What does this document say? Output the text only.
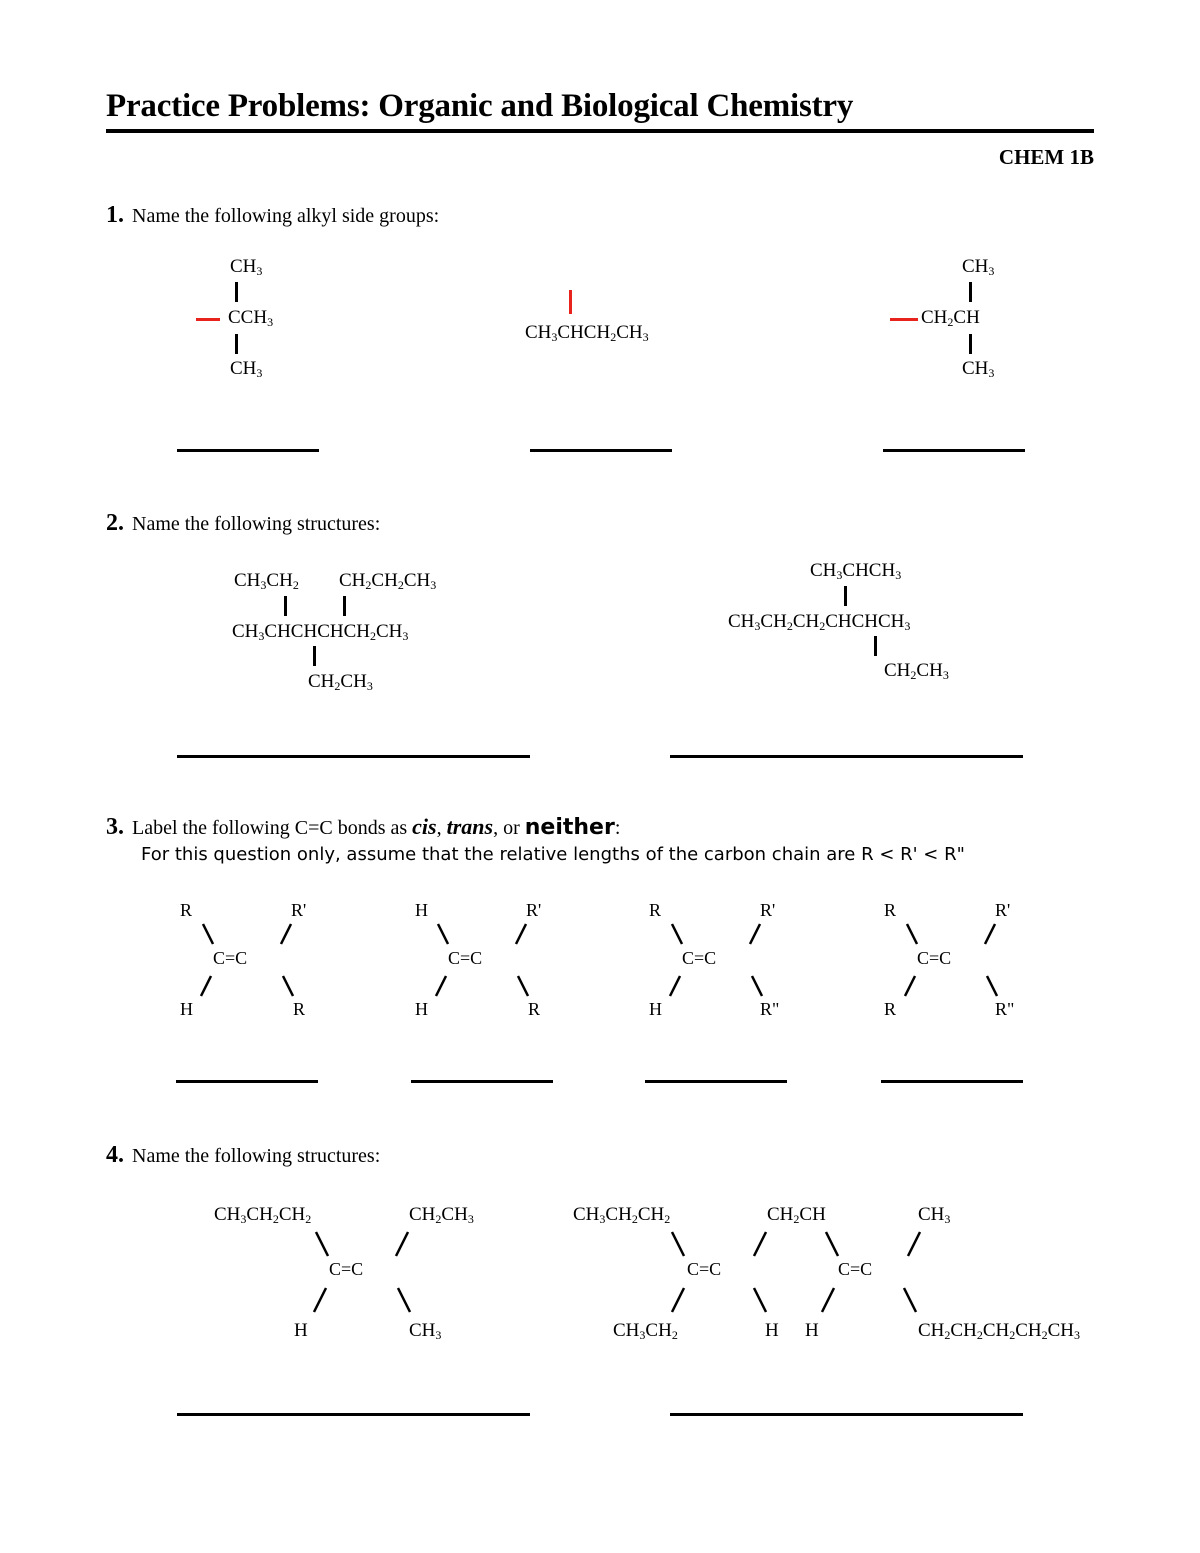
Practice Problems: Organic and Biological Chemistry
CHEM 1B
1. Name the following alkyl side groups:
$CH_3$
$CCH_3$
$CH_3$
$CH_3CHCH_2CH_3$
$CH_3$
$CH_2CH$
$CH_3$
2. Name the following structures:
$CH_3CH_2$ $CH_2CH_2CH_3$
$CH_3CHCHCHCH_2CH_3$
$CH_2CH_3$
$CH_3CHCH_3$
$CH_3CH_2CH_2CHCHCH_3$
$CH_2CH_3$
3. Label the following C=C bonds as cis, trans, or neither:
For this question only, assume that the relative lengths of the carbon chain are R < R' < R"
R	R'
C=C
H	R
H	R'
C=C
H	R
R	R'
C=C
H	R"
R	R'
C=C
R	R"
4. Name the following structures:
$CH_3CH_2CH_2$	$CH_2CH_3$
C=C
H	$CH_3$
$CH_3CH_2CH_2$	$CH_2CH$	$CH_3$
C=C	C=C
$CH_3CH_2$	H H	$CH_2CH_2CH_2CH_2CH_3$
